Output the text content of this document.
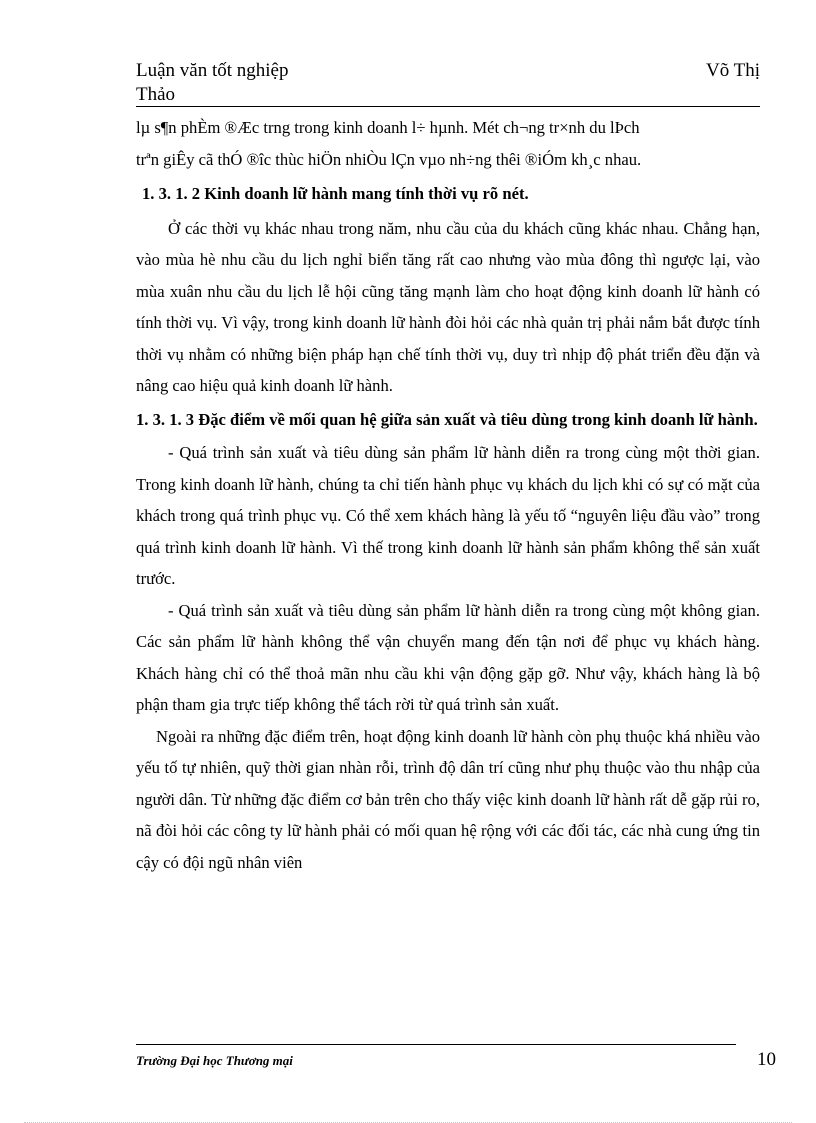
Luận văn tốt nghiệp	Võ Thị
Thảo

lµ s¶n phÈm ®Æc trng trong kinh doanh l÷ hµnh. Mét ch¬ng tr×nh du lÞch

trªn giÊy cã thÓ ®îc thùc hiÖn nhiÒu lÇn vµo nh÷ng thêi ®iÓm kh¸c nhau.

1. 3. 1. 2 Kinh doanh lữ hành mang tính thời vụ rõ nét.

Ở các thời vụ khác nhau trong năm, nhu cầu của du khách cũng khác nhau. Chẳng hạn, vào mùa hè nhu cầu du lịch nghỉ biển tăng rất cao nhưng vào mùa đông thì ngược lại, vào mùa xuân nhu cầu du lịch lễ hội cũng tăng mạnh làm cho hoạt động kinh doanh lữ hành có tính thời vụ. Vì vậy, trong kinh doanh lữ hành đòi hỏi các nhà quản trị phải nắm bắt được tính thời vụ nhằm có những biện pháp hạn chế tính thời vụ, duy trì nhịp độ phát triển đều đặn và nâng cao hiệu quả kinh doanh lữ hành.

1. 3. 1. 3 Đặc điểm về mối quan hệ giữa sản xuất và tiêu dùng trong kinh doanh lữ hành.

- Quá trình sản xuất và tiêu dùng sản phẩm lữ hành diễn ra trong cùng một thời gian. Trong kinh doanh lữ hành, chúng ta chỉ tiến hành phục vụ khách du lịch khi có sự có mặt của khách trong quá trình phục vụ. Có thể xem khách hàng là yếu tố “nguyên liệu đầu vào” trong quá trình kinh doanh lữ hành. Vì thế trong kinh doanh lữ hành sản phẩm không thể sản xuất trước.

- Quá trình sản xuất và tiêu dùng sản phẩm lữ hành diễn ra trong cùng một không gian. Các sản phẩm lữ hành không thể vận chuyển mang đến tận nơi để phục vụ khách hàng. Khách hàng chỉ có thể thoả mãn nhu cầu khi vận động gặp gỡ. Như vậy, khách hàng là bộ phận tham gia trực tiếp không thể tách rời từ quá trình sản xuất.

Ngoài ra những đặc điểm trên, hoạt động kinh doanh lữ hành còn phụ thuộc khá nhiều vào yếu tố tự nhiên, quỹ thời gian nhàn rỗi, trình độ dân trí cũng như phụ thuộc vào thu nhập của người dân. Từ những đặc điểm cơ bản trên cho thấy việc kinh doanh lữ hành rất dễ gặp rủi ro, nã đòi hỏi các công ty lữ hành phải có mối quan hệ rộng với các đối tác, các nhà cung ứng tin cậy có đội ngũ nhân viên

Trường Đại học Thương mại	10
